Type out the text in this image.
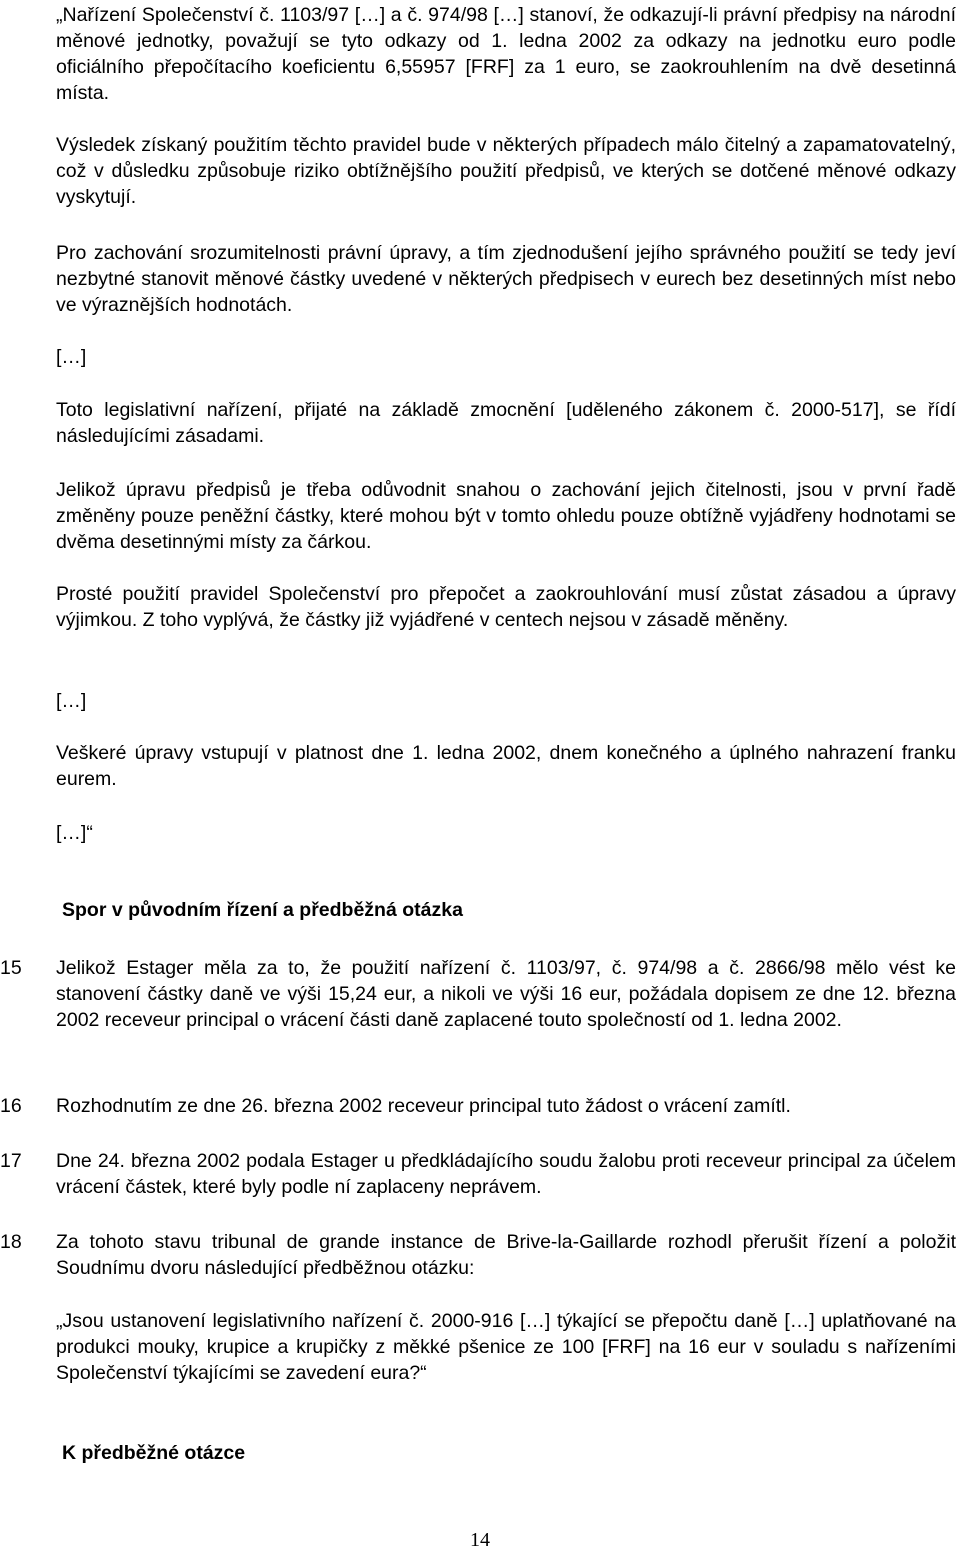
„Nařízení Společenství č. 1103/97 […] a č. 974/98 […] stanoví, že odkazují-li právní předpisy na národní měnové jednotky, považují se tyto odkazy od 1. ledna 2002 za odkazy na jednotku euro podle oficiálního přepočítacího koeficientu 6,55957 [FRF] za 1 euro, se zaokrouhlením na dvě desetinná místa.

Výsledek získaný použitím těchto pravidel bude v některých případech málo čitelný a zapamatovatelný, což v důsledku způsobuje riziko obtížnějšího použití předpisů, ve kterých se dotčené měnové odkazy vyskytují.

Pro zachování srozumitelnosti právní úpravy, a tím zjednodušení jejího správného použití se tedy jeví nezbytné stanovit měnové částky uvedené v některých předpisech v eurech bez desetinných míst nebo ve výraznějších hodnotách.

[…]

Toto legislativní nařízení, přijaté na základě zmocnění [uděleného zákonem č. 2000-517], se řídí následujícími zásadami.

Jelikož úpravu předpisů je třeba odůvodnit snahou o zachování jejich čitelnosti, jsou v první řadě změněny pouze peněžní částky, které mohou být v tomto ohledu pouze obtížně vyjádřeny hodnotami se dvěma desetinnými místy za čárkou.

Prosté použití pravidel Společenství pro přepočet a zaokrouhlování musí zůstat zásadou a úpravy výjimkou. Z toho vyplývá, že částky již vyjádřené v centech nejsou v zásadě měněny.

[…]

Veškeré úpravy vstupují v platnost dne 1. ledna 2002, dnem konečného a úplného nahrazení franku eurem.

[…]“

Spor v původním řízení a předběžná otázka
15 Jelikož Estager měla za to, že použití nařízení č. 1103/97, č. 974/98 a č. 2866/98 mělo vést ke stanovení částky daně ve výši 15,24 eur, a nikoli ve výši 16 eur, požádala dopisem ze dne 12. března 2002 receveur principal o vrácení části daně zaplacené touto společností od 1. ledna 2002.

16 Rozhodnutím ze dne 26. března 2002 receveur principal tuto žádost o vrácení zamítl.

17 Dne 24. března 2002 podala Estager u předkládajícího soudu žalobu proti receveur principal za účelem vrácení částek, které byly podle ní zaplaceny neprávem.

18 Za tohoto stavu tribunal de grande instance de Brive-la-Gaillarde rozhodl přerušit řízení a položit Soudnímu dvoru následující předběžnou otázku:

„Jsou ustanovení legislativního nařízení č. 2000-916 […] týkající se přepočtu daně […] uplatňované na produkci mouky, krupice a krupičky z měkké pšenice ze 100 [FRF] na 16 eur v souladu s nařízeními Společenství týkajícími se zavedení eura?“

K předběžné otázce
14
